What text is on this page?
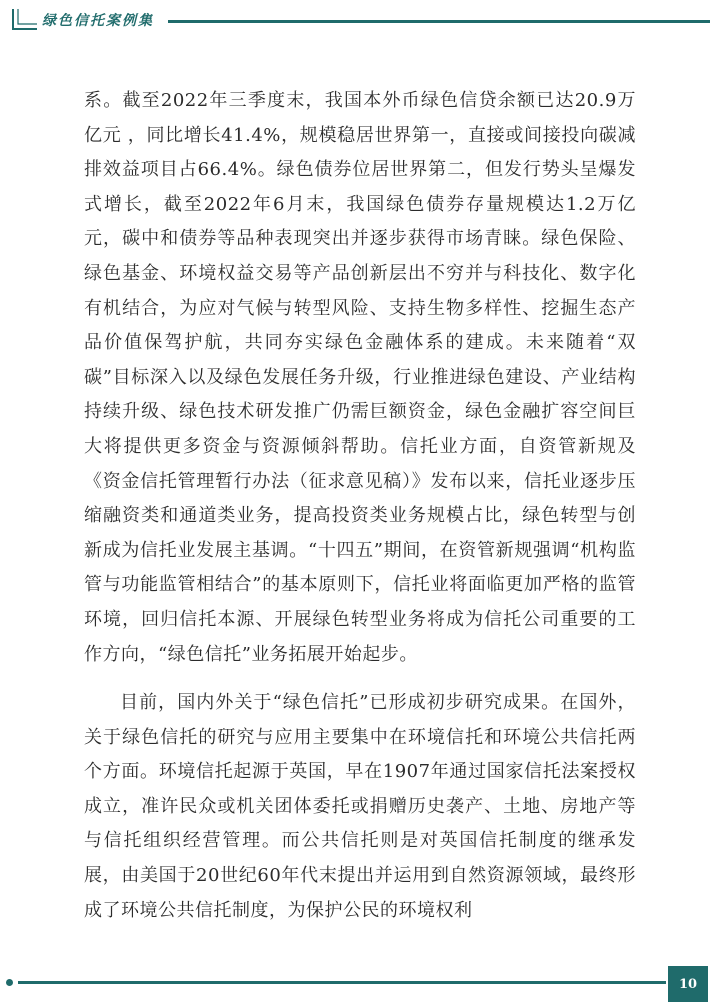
绿色信托案例集

系。截至2022年三季度末，我国本外币绿色信贷余额已达20.9万亿元 ，同比增长41.4%，规模稳居世界第一，直接或间接投向碳减排效益项目占66.4%。绿色债券位居世界第二，但发行势头呈爆发式增长，截至2022年6月末，我国绿色债券存量规模达1.2万亿元，碳中和债券等品种表现突出并逐步获得市场青睐。绿色保险、绿色基金、环境权益交易等产品创新层出不穷并与科技化、数字化有机结合，为应对气候与转型风险、支持生物多样性、挖掘生态产品价值保驾护航，共同夯实绿色金融体系的建成。未来随着“双碳”目标深入以及绿色发展任务升级，行业推进绿色建设、产业结构持续升级、绿色技术研发推广仍需巨额资金，绿色金融扩容空间巨大将提供更多资金与资源倾斜帮助。信托业方面，自资管新规及《资金信托管理暂行办法（征求意见稿）》发布以来，信托业逐步压缩融资类和通道类业务，提高投资类业务规模占比，绿色转型与创新成为信托业发展主基调。“十四五”期间，在资管新规强调“机构监管与功能监管相结合”的基本原则下，信托业将面临更加严格的监管环境，回归信托本源、开展绿色转型业务将成为信托公司重要的工作方向，“绿色信托”业务拓展开始起步。

目前，国内外关于“绿色信托”已形成初步研究成果。在国外，关于绿色信托的研究与应用主要集中在环境信托和环境公共信托两个方面。环境信托起源于英国，早在1907年通过国家信托法案授权成立，准许民众或机关团体委托或捐赠历史袭产、土地、房地产等与信托组织经营管理。而公共信托则是对英国信托制度的继承发展，由美国于20世纪60年代末提出并运用到自然资源领域，最终形成了环境公共信托制度，为保护公民的环境权利

10
